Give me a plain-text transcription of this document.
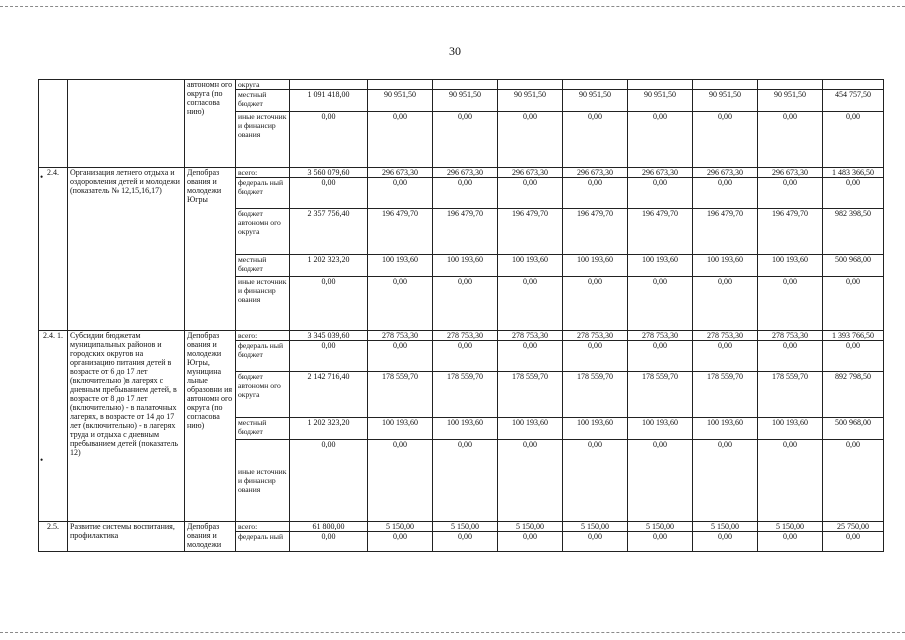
30
•
•
		автономн ого округа (по согласова нию)	округа									
			местный бюджет	1 091 418,00	90 951,50	90 951,50	90 951,50	90 951,50	90 951,50	90 951,50	90 951,50	454 757,50
			иные источник и финансир ования	0,00	0,00	0,00	0,00	0,00	0,00	0,00	0,00	0,00
2.4.	Организация летнего отдыха и оздоровления детей и молодежи (показатель № 12,15,16,17)	Депобраз ования и молодежи Югры	всего:	3 560 079,60	296 673,30	296 673,30	296 673,30	296 673,30	296 673,30	296 673,30	296 673,30	1 483 366,50
			федераль ный бюджет	0,00	0,00	0,00	0,00	0,00	0,00	0,00	0,00	0,00
			бюджет автономн ого округа	2 357 756,40	196 479,70	196 479,70	196 479,70	196 479,70	196 479,70	196 479,70	196 479,70	982 398,50
			местный бюджет	1 202 323,20	100 193,60	100 193,60	100 193,60	100 193,60	100 193,60	100 193,60	100 193,60	500 968,00
			иные источник и финансир ования	0,00	0,00	0,00	0,00	0,00	0,00	0,00	0,00	0,00
2.4. 1.	Субсидии бюджетам муниципальных районов и городских округов на организацию питания детей в возрасте от 6 до 17 лет (включительно )в лагерях с дневным пребыванием детей, в возрасте от 8 до 17 лет (включительно) - в палаточных лагерях, в возрасте от 14 до 17 лет (включительно) - в лагерях труда и отдыха с дневным пребыванием детей (показатель 12)	Депобраз ования и молодежи Югры, муницина льные образовни ия автономн ого округа (по согласова нию)	всего:	3 345 039,60	278 753,30	278 753,30	278 753,30	278 753,30	278 753,30	278 753,30	278 753,30	1 393 766,50
			федераль ный бюджет	0,00	0,00	0,00	0,00	0,00	0,00	0,00	0,00	0,00
			бюджет автономн ого округа	2 142 716,40	178 559,70	178 559,70	178 559,70	178 559,70	178 559,70	178 559,70	178 559,70	892 798,50
			местный бюджет	1 202 323,20	100 193,60	100 193,60	100 193,60	100 193,60	100 193,60	100 193,60	100 193,60	500 968,00
			иные источник и финансир ования	0,00	0,00	0,00	0,00	0,00	0,00	0,00	0,00	0,00
2.5.	Развитие системы воспитания, профилактика	Депобраз ования и молодежи	всего:	61 800,00	5 150,00	5 150,00	5 150,00	5 150,00	5 150,00	5 150,00	5 150,00	25 750,00
			федераль ный	0,00	0,00	0,00	0,00	0,00	0,00	0,00	0,00	0,00
